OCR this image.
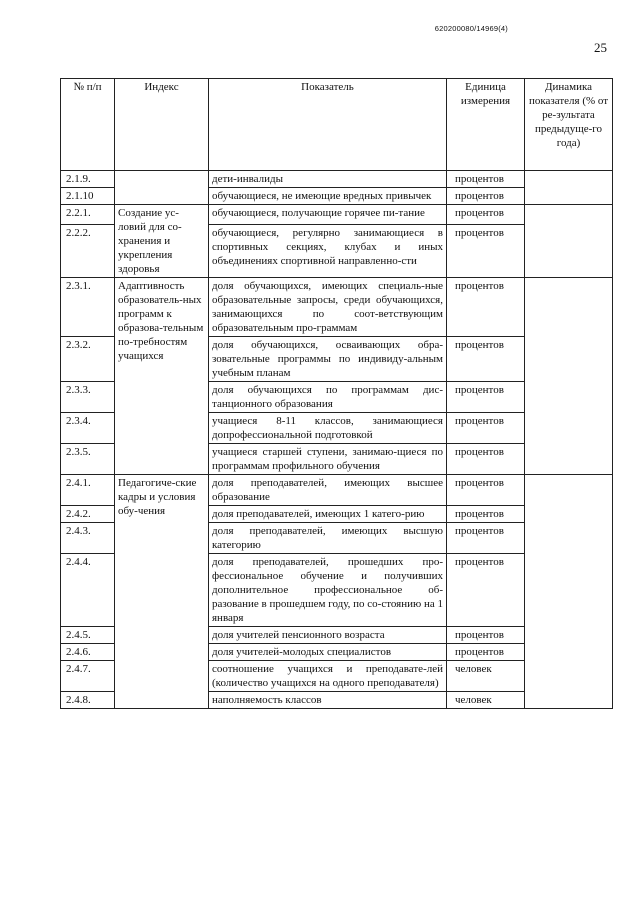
620200080/14969(4)
25
№ п/п	Индекс	Показатель	Единица измерения	Динамика показателя (% от ре-зультата предыдуще-го года)
2.1.9.		дети-инвалиды	процентов	
2.1.10		обучающиеся, не имеющие вредных привычек	процентов	
2.2.1.	Создание ус-ловий для со-хранения и укрепления здоровья	обучающиеся, получающие горячее пи-тание	процентов	
2.2.2.		обучающиеся, регулярно занимающиеся в спортивных секциях, клубах и иных объединениях спортивной направленно-сти	процентов	
2.3.1.	Адаптивность образователь-ных программ к образова-тельным по-требностям учащихся	доля обучающихся, имеющих специаль-ные образовательные запросы, среди обучающихся, занимающихся по соот-ветствующим образовательным про-граммам	процентов	
2.3.2.		доля обучающихся, осваивающих обра-зовательные программы по индивиду-альным учебным планам	процентов	
2.3.3.		доля обучающихся по программам дис-танционного образования	процентов	
2.3.4.		учащиеся 8-11 классов, занимающиеся допрофессиональной подготовкой	процентов	
2.3.5.		учащиеся старшей ступени, занимаю-щиеся по программам профильного обучения	процентов	
2.4.1.	Педагогиче-ские кадры и условия обу-чения	доля преподавателей, имеющих высшее образование	процентов	
2.4.2.		доля преподавателей, имеющих 1 катего-рию	процентов	
2.4.3.		доля преподавателей, имеющих высшую категорию	процентов	
2.4.4.		доля преподавателей, прошедших про-фессиональное обучение и получивших дополнительное профессиональное об-разование в прошедшем году, по со-стоянию на 1 января	процентов	
2.4.5.		доля учителей пенсионного возраста	процентов	
2.4.6.		доля учителей-молодых специалистов	процентов	
2.4.7.		соотношение учащихся и преподавате-лей (количество учащихся на одного преподавателя)	человек	
2.4.8.		наполняемость классов	человек	
